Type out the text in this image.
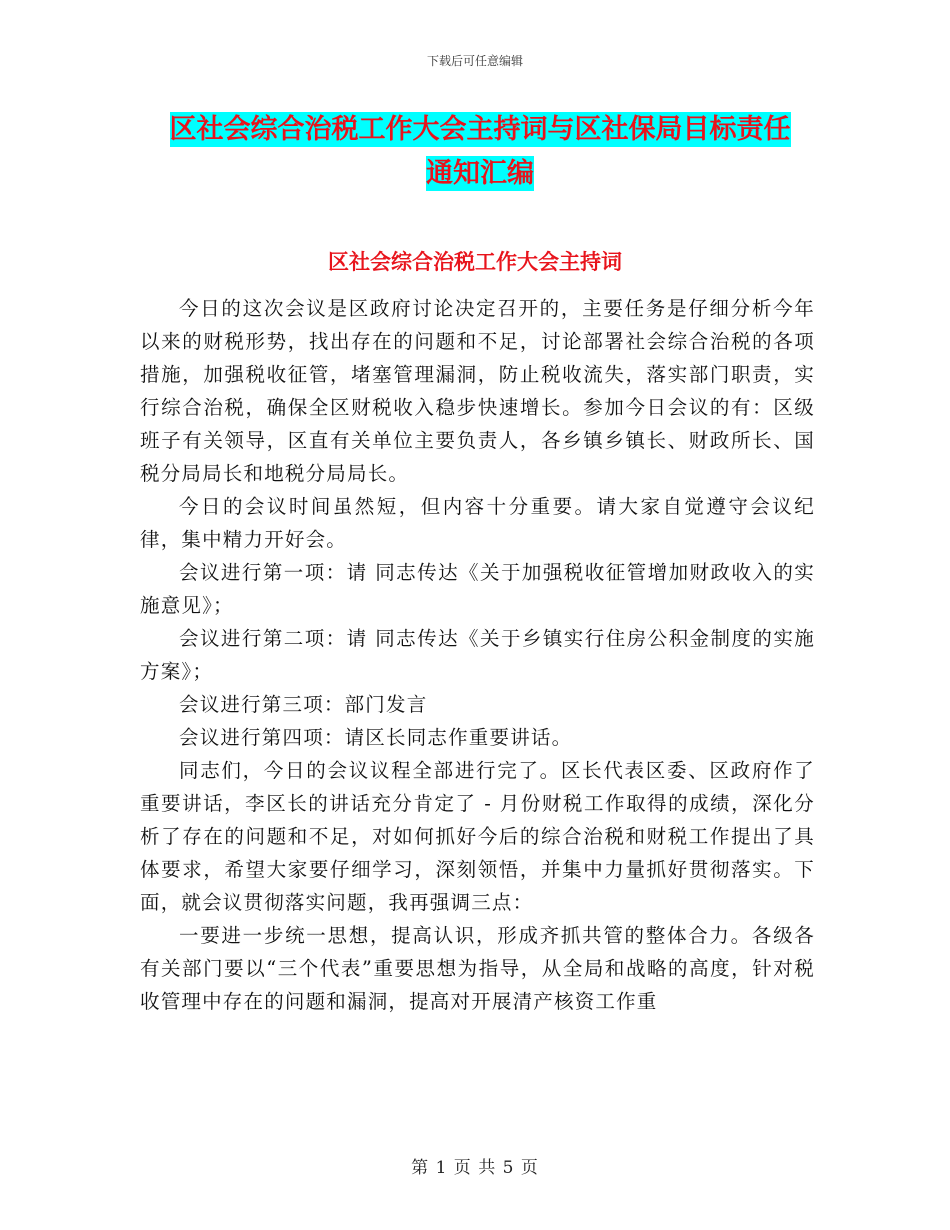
下载后可任意编辑
区社会综合治税工作大会主持词与区社保局目标责任
通知汇编
区社会综合治税工作大会主持词

今日的这次会议是区政府讨论决定召开的，主要任务是仔细分析今年以来的财税形势，找出存在的问题和不足，讨论部署社会综合治税的各项措施，加强税收征管，堵塞管理漏洞，防止税收流失，落实部门职责，实行综合治税，确保全区财税收入稳步快速增长。参加今日会议的有：区级班子有关领导，区直有关单位主要负责人，各乡镇乡镇长、财政所长、国税分局局长和地税分局局长。

今日的会议时间虽然短，但内容十分重要。请大家自觉遵守会议纪律，集中精力开好会。

会议进行第一项：请 同志传达《关于加强税收征管增加财政收入的实施意见》；

会议进行第二项：请 同志传达《关于乡镇实行住房公积金制度的实施方案》；

会议进行第三项：部门发言

会议进行第四项：请区长同志作重要讲话。

同志们，今日的会议议程全部进行完了。区长代表区委、区政府作了重要讲话，李区长的讲话充分肯定了 - 月份财税工作取得的成绩，深化分析了存在的问题和不足，对如何抓好今后的综合治税和财税工作提出了具体要求，希望大家要仔细学习，深刻领悟，并集中力量抓好贯彻落实。下面，就会议贯彻落实问题，我再强调三点：

一要进一步统一思想，提高认识，形成齐抓共管的整体合力。各级各有关部门要以“三个代表”重要思想为指导，从全局和战略的高度，针对税收管理中存在的问题和漏洞，提高对开展清产核资工作重

第 1 页 共 5 页
